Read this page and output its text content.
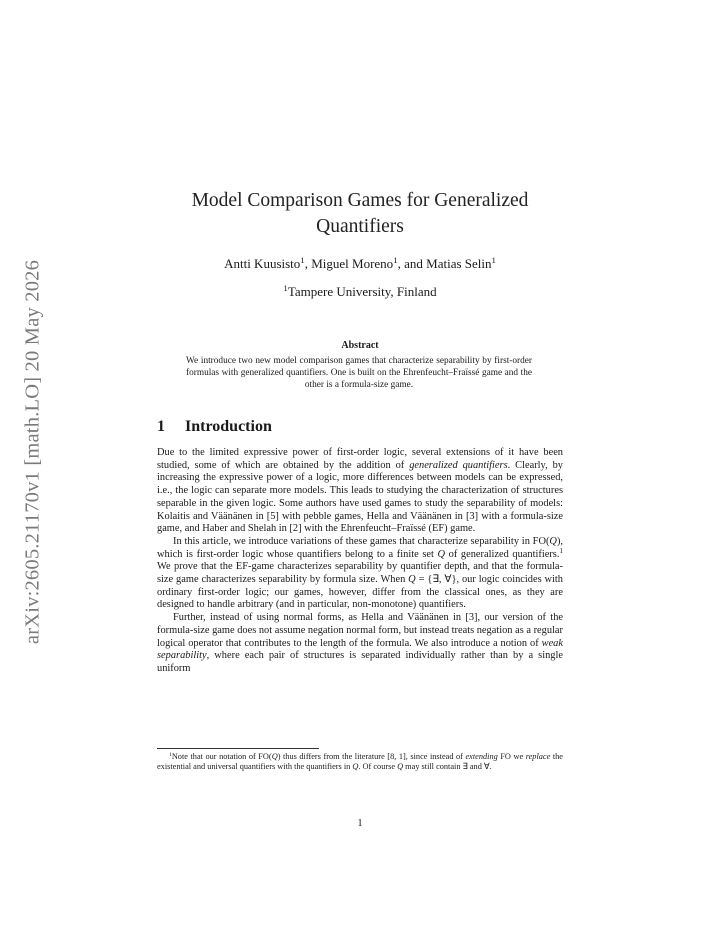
arXiv:2605.21170v1 [math.LO] 20 May 2026
Model Comparison Games for Generalized
Quantifiers
Antti Kuusisto$^1$, Miguel Moreno$^1$, and Matias Selin$^1$
$^1$Tampere University, Finland
Abstract
We introduce two new model comparison games that characterize separability by first-order formulas with generalized quantifiers. One is built on the Ehrenfeucht–Fraïssé game and the other is a formula-size game.
1 Introduction

Due to the limited expressive power of first-order logic, several extensions of it have been studied, some of which are obtained by the addition of generalized quantifiers. Clearly, by increasing the expressive power of a logic, more differences between models can be expressed, i.e., the logic can separate more models. This leads to studying the characterization of structures separable in the given logic. Some authors have used games to study the separability of models: Kolaitis and Väänänen in [5] with pebble games, Hella and Väänänen in [3] with a formula-size game, and Haber and Shelah in [2] with the Ehrenfeucht–Fraïssé (EF) game.

In this article, we introduce variations of these games that characterize separability in FO(Q), which is first-order logic whose quantifiers belong to a finite set Q of generalized quantifiers.$^1$ We prove that the EF-game characterizes separability by quantifier depth, and that the formula-size game characterizes separability by formula size. When Q = {∃, ∀}, our logic coincides with ordinary first-order logic; our games, however, differ from the classical ones, as they are designed to handle arbitrary (and in particular, non-monotone) quantifiers.

Further, instead of using normal forms, as Hella and Väänänen in [3], our version of the formula-size game does not assume negation normal form, but instead treats negation as a regular logical operator that contributes to the length of the formula. We also introduce a notion of weak separability, where each pair of structures is separated individually rather than by a single uniform

$^1$Note that our notation of FO(Q) thus differs from the literature [8, 1], since instead of extending FO we replace the existential and universal quantifiers with the quantifiers in Q. Of course Q may still contain ∃ and ∀.
1
